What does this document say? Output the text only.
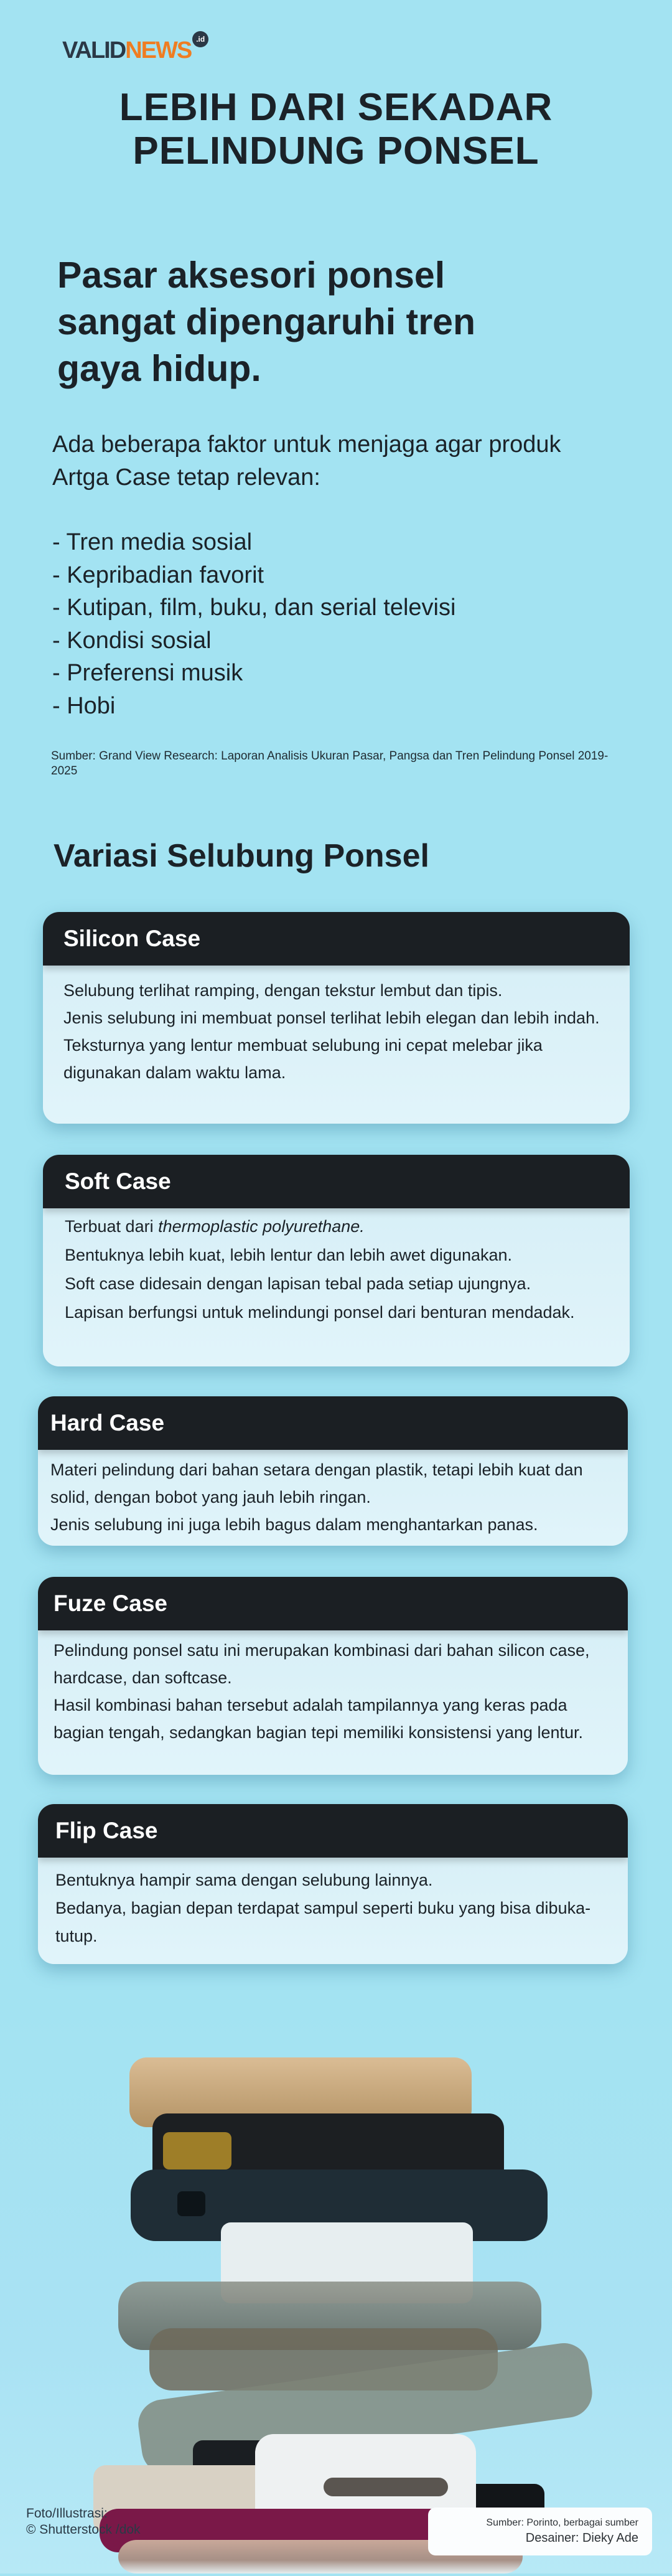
VALID NEWS .id
LEBIH DARI SEKADAR
PELINDUNG PONSEL
Pasar aksesori ponsel sangat dipengaruhi tren gaya hidup.

Ada beberapa faktor untuk menjaga agar produk Artga Case tetap relevan:

- Tren media sosial
- Kepribadian favorit
- Kutipan, film, buku, dan serial televisi
- Kondisi sosial
- Preferensi musik
- Hobi

Sumber: Grand View Research: Laporan Analisis Ukuran Pasar, Pangsa dan Tren Pelindung Ponsel 2019-2025

Variasi Selubung Ponsel
Silicon Case

Selubung terlihat ramping, dengan tekstur lembut dan tipis.

Jenis selubung ini membuat ponsel terlihat lebih elegan dan lebih indah.

Teksturnya yang lentur membuat selubung ini cepat melebar jika digunakan dalam waktu lama.

Soft Case

Terbuat dari thermoplastic polyurethane.

Bentuknya lebih kuat, lebih lentur dan lebih awet digunakan.

Soft case didesain dengan lapisan tebal pada setiap ujungnya.

Lapisan berfungsi untuk melindungi ponsel dari benturan mendadak.

Hard Case

Materi pelindung dari bahan setara dengan plastik, tetapi lebih kuat dan solid, dengan bobot yang jauh lebih ringan.

Jenis selubung ini juga lebih bagus dalam menghantarkan panas.

Fuze Case

Pelindung ponsel satu ini merupakan kombinasi dari bahan silicon case, hardcase, dan softcase.

Hasil kombinasi bahan tersebut adalah tampilannya yang keras pada bagian tengah, sedangkan bagian tepi memiliki konsistensi yang lentur.

Flip Case

Bentuknya hampir sama dengan selubung lainnya.

Bedanya, bagian depan terdapat sampul seperti buku yang bisa dibuka-tutup.

Foto/Illustrasi:
© Shutterstock /dok	Sumber: Porinto, berbagai sumber
Desainer: Dieky Ade
